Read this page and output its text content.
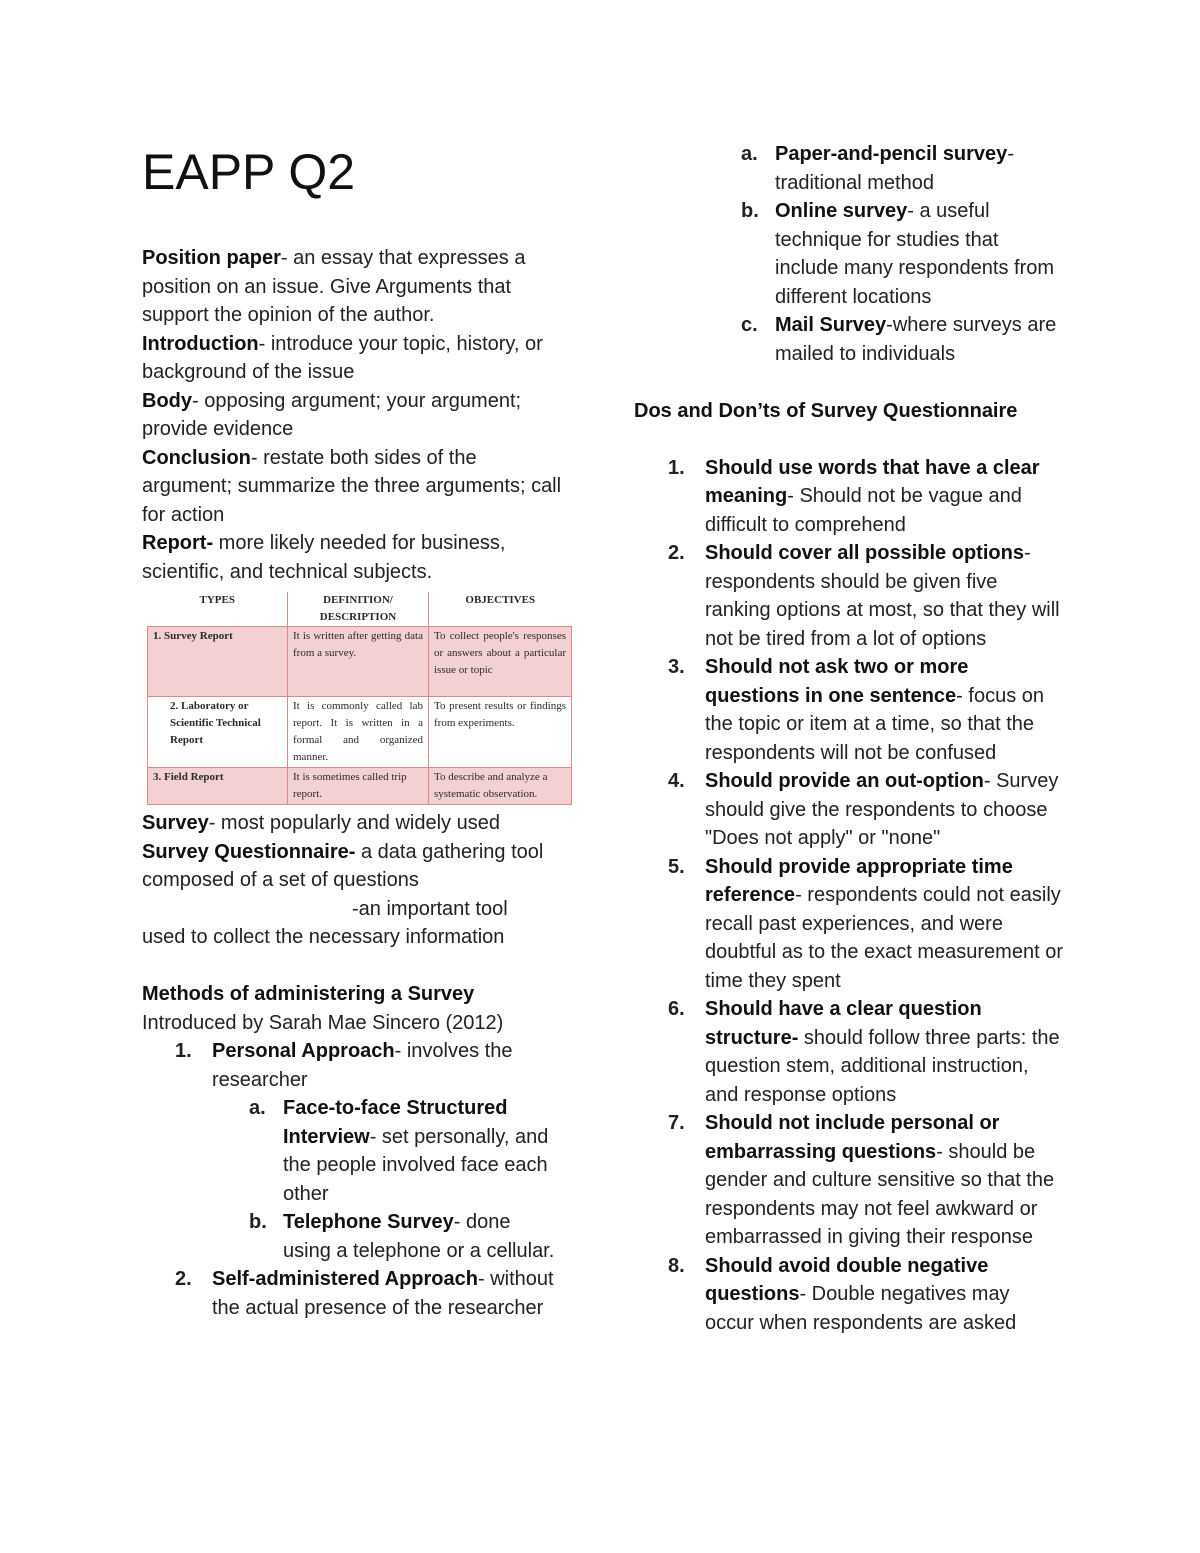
EAPP Q2

Position paper- an essay that expresses a position on an issue. Give Arguments that support the opinion of the author.

Introduction- introduce your topic, history, or background of the issue

Body- opposing argument; your argument; provide evidence

Conclusion- restate both sides of the argument; summarize the three arguments; call for action

Report- more likely needed for business, scientific, and technical subjects.

TYPES	DEFINITION/ DESCRIPTION	OBJECTIVES
1. Survey Report	It is written after getting data from a survey.	To collect people's responses or answers about a particular issue or topic
2. Laboratory or Scientific Technical Report	It is commonly called lab report. It is written in a formal and organized manner.	To present results or findings from experiments.
3. Field Report	It is sometimes called trip report.	To describe and analyze a systematic observation.

Survey- most popularly and widely used

Survey Questionnaire- a data gathering tool composed of a set of questions

-an important tool

used to collect the necessary information

Methods of administering a Survey

Introduced by Sarah Mae Sincero (2012)

1. Personal Approach- involves the researcher
a. Face-to-face Structured Interview- set personally, and the people involved face each other
b. Telephone Survey- done using a telephone or a cellular.
2. Self-administered Approach- without the actual presence of the researcher
a. Paper-and-pencil survey- traditional method
b. Online survey- a useful technique for studies that include many respondents from different locations
c. Mail Survey-where surveys are mailed to individuals

Dos and Don’ts of Survey Questionnaire

1. Should use words that have a clear meaning- Should not be vague and difficult to comprehend
2. Should cover all possible options- respondents should be given five ranking options at most, so that they will not be tired from a lot of options
3. Should not ask two or more questions in one sentence- focus on the topic or item at a time, so that the respondents will not be confused
4. Should provide an out-option- Survey should give the respondents to choose "Does not apply" or "none"
5. Should provide appropriate time reference- respondents could not easily recall past experiences, and were doubtful as to the exact measurement or time they spent
6. Should have a clear question structure- should follow three parts: the question stem, additional instruction, and response options
7. Should not include personal or embarrassing questions- should be gender and culture sensitive so that the respondents may not feel awkward or embarrassed in giving their response
8. Should avoid double negative questions- Double negatives may occur when respondents are asked
